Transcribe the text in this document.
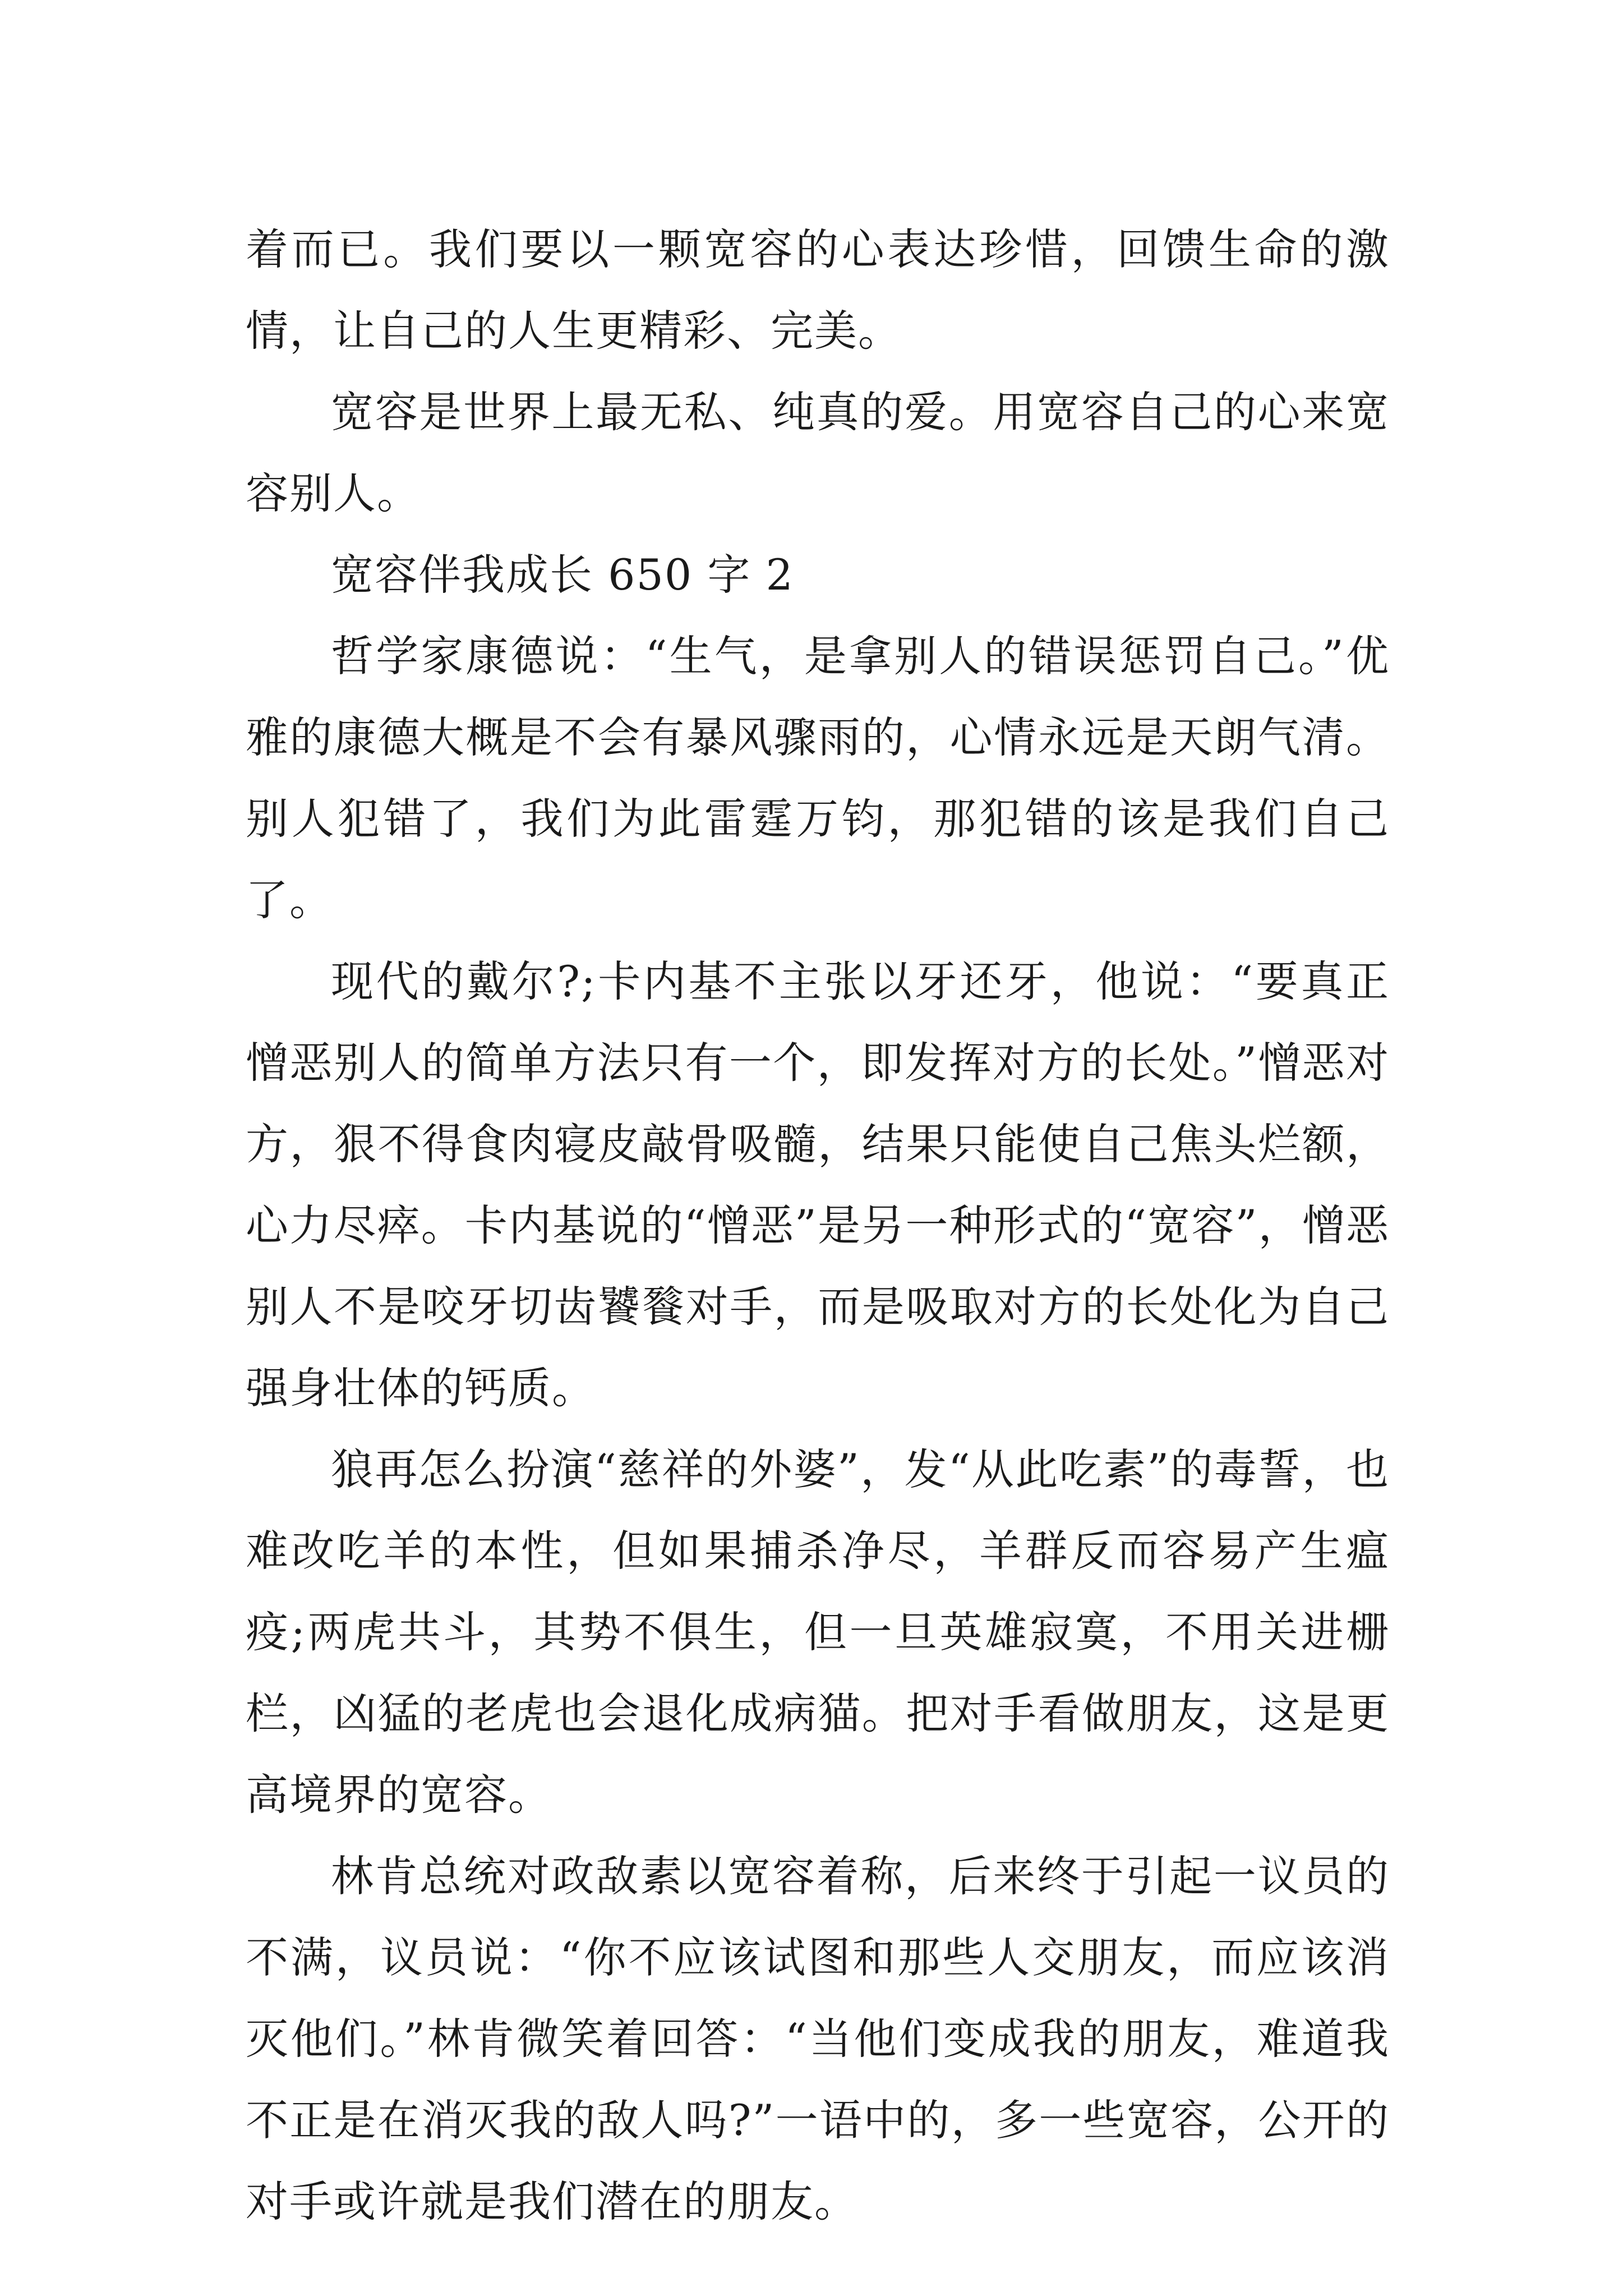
着而已。我们要以一颗宽容的心表达珍惜，回馈生命的激情，让自己的人生更精彩、完美。

宽容是世界上最无私、纯真的爱。用宽容自己的心来宽容别人。

宽容伴我成长 650 字 2

哲学家康德说：“生气，是拿别人的错误惩罚自己。”优雅的康德大概是不会有暴风骤雨的，心情永远是天朗气清。别人犯错了，我们为此雷霆万钧，那犯错的该是我们自己了。

现代的戴尔?;卡内基不主张以牙还牙，他说：“要真正憎恶别人的简单方法只有一个，即发挥对方的长处。”憎恶对方，狠不得食肉寝皮敲骨吸髓，结果只能使自己焦头烂额，心力尽瘁。卡内基说的“憎恶”是另一种形式的“宽容”，憎恶别人不是咬牙切齿饕餮对手，而是吸取对方的长处化为自己强身壮体的钙质。

狼再怎么扮演“慈祥的外婆”，发“从此吃素”的毒誓，也难改吃羊的本性，但如果捕杀净尽，羊群反而容易产生瘟疫;两虎共斗，其势不俱生，但一旦英雄寂寞，不用关进栅栏，凶猛的老虎也会退化成病猫。把对手看做朋友，这是更高境界的宽容。

林肯总统对政敌素以宽容着称，后来终于引起一议员的不满，议员说：“你不应该试图和那些人交朋友，而应该消灭他们。”林肯微笑着回答：“当他们变成我的朋友，难道我不正是在消灭我的敌人吗?”一语中的，多一些宽容，公开的对手或许就是我们潜在的朋友。
